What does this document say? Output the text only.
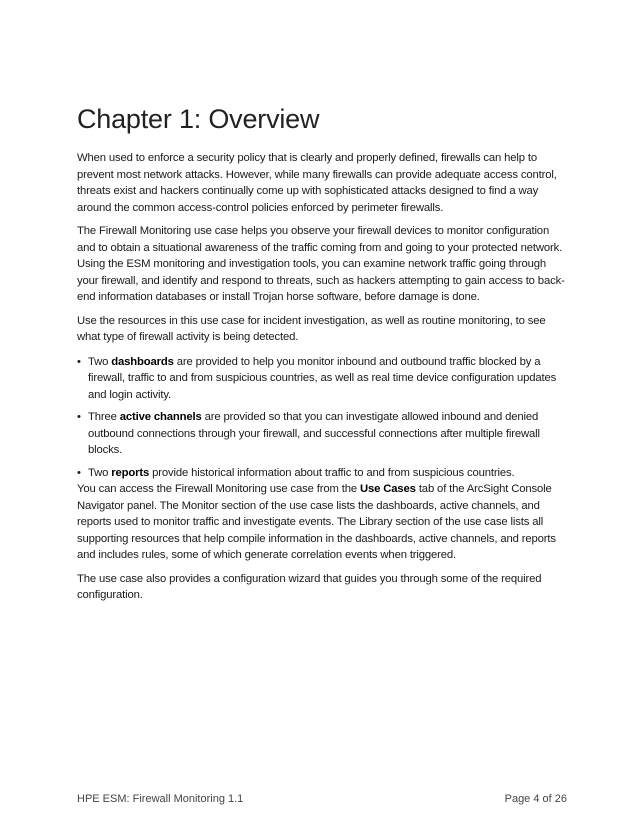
Chapter 1: Overview

When used to enforce a security policy that is clearly and properly defined, firewalls can help to prevent most network attacks. However, while many firewalls can provide adequate access control, threats exist and hackers continually come up with sophisticated attacks designed to find a way around the common access-control policies enforced by perimeter firewalls.

The Firewall Monitoring use case helps you observe your firewall devices to monitor configuration and to obtain a situational awareness of the traffic coming from and going to your protected network. Using the ESM monitoring and investigation tools, you can examine network traffic going through your firewall, and identify and respond to threats, such as hackers attempting to gain access to back-end information databases or install Trojan horse software, before damage is done.

Use the resources in this use case for incident investigation, as well as routine monitoring, to see what type of firewall activity is being detected.

• Two dashboards are provided to help you monitor inbound and outbound traffic blocked by a firewall, traffic to and from suspicious countries, as well as real time device configuration updates and login activity.
• Three active channels are provided so that you can investigate allowed inbound and denied outbound connections through your firewall, and successful connections after multiple firewall blocks.
• Two reports provide historical information about traffic to and from suspicious countries.

You can access the Firewall Monitoring use case from the Use Cases tab of the ArcSight Console Navigator panel. The Monitor section of the use case lists the dashboards, active channels, and reports used to monitor traffic and investigate events. The Library section of the use case lists all supporting resources that help compile information in the dashboards, active channels, and reports and includes rules, some of which generate correlation events when triggered.

The use case also provides a configuration wizard that guides you through some of the required configuration.

HPE ESM: Firewall Monitoring 1.1	Page 4 of 26
